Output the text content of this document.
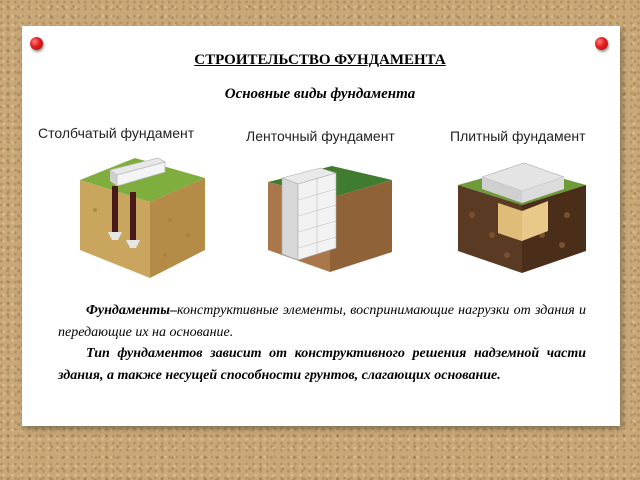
СТРОИТЕЛЬСТВО ФУНДАМЕНТА
Основные виды фундамента
Столбчатый фундамент	Ленточный фундамент	Плитный фундамент

Фундаменты–конструктивные элементы, воспринимающие нагрузки от здания и передающие их на основание.

Тип фундаментов зависит от конструктивного решения надземной части здания, а также несущей способности грунтов, слагающих основание.
